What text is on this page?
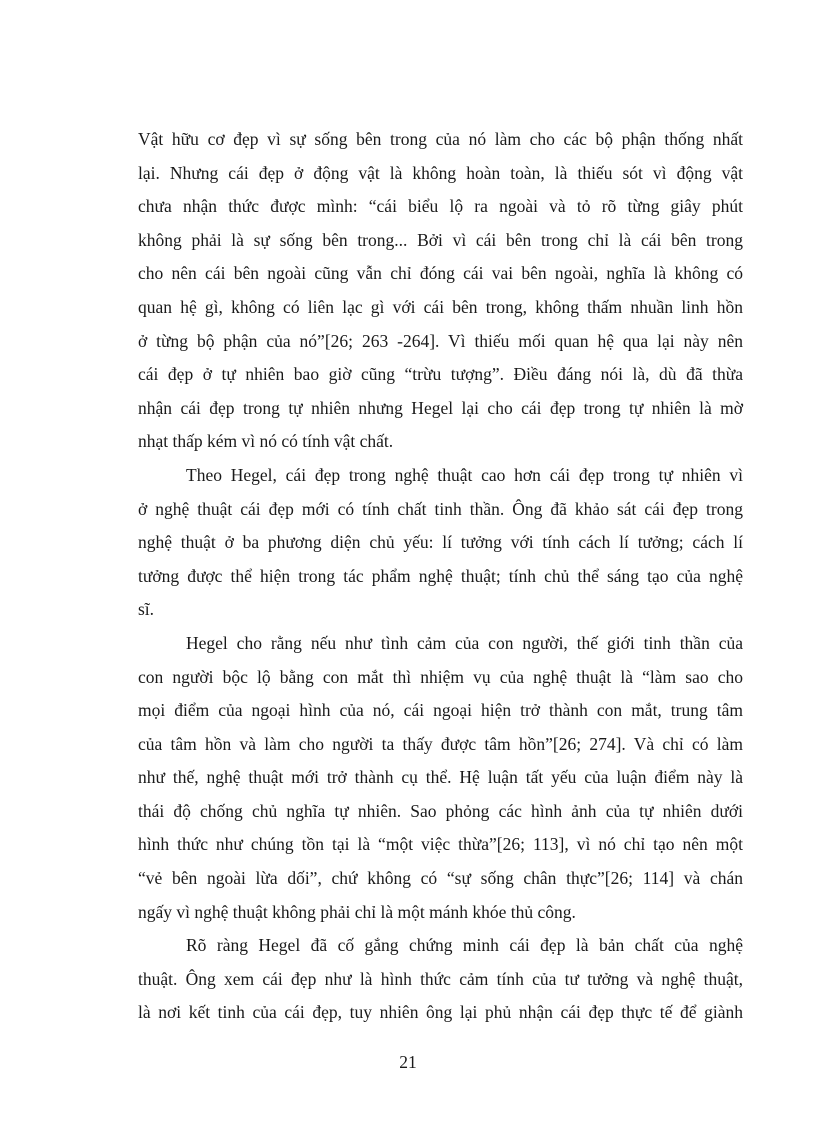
Vật hữu cơ đẹp vì sự sống bên trong của nó làm cho các bộ phận thống nhất
lại. Nhưng cái đẹp ở động vật là không hoàn toàn, là thiếu sót vì động vật
chưa nhận thức được mình: “cái biểu lộ ra ngoài và tỏ rõ từng giây phút
không phải là sự sống bên trong... Bởi vì cái bên trong chỉ là cái bên trong
cho nên cái bên ngoài cũng vẫn chỉ đóng cái vai bên ngoài, nghĩa là không có
quan hệ gì, không có liên lạc gì với cái bên trong, không thấm nhuần linh hồn
ở từng bộ phận của nó”[26; 263 -264]. Vì thiếu mối quan hệ qua lại này nên
cái đẹp ở tự nhiên bao giờ cũng “trừu tượng”. Điều đáng nói là, dù đã thừa
nhận cái đẹp trong tự nhiên nhưng Hegel lại cho cái đẹp trong tự nhiên là mờ
nhạt thấp kém vì nó có tính vật chất.
Theo Hegel, cái đẹp trong nghệ thuật cao hơn cái đẹp trong tự nhiên vì
ở nghệ thuật cái đẹp mới có tính chất tinh thần. Ông đã khảo sát cái đẹp trong
nghệ thuật ở ba phương diện chủ yếu: lí tưởng với tính cách lí tưởng; cách lí
tưởng được thể hiện trong tác phẩm nghệ thuật; tính chủ thể sáng tạo của nghệ
sĩ.
Hegel cho rằng nếu như tình cảm của con người, thế giới tinh thần của
con người bộc lộ bằng con mắt thì nhiệm vụ của nghệ thuật là “làm sao cho
mọi điểm của ngoại hình của nó, cái ngoại hiện trở thành con mắt, trung tâm
của tâm hồn và làm cho người ta thấy được tâm hồn”[26; 274]. Và chỉ có làm
như thế, nghệ thuật mới trở thành cụ thể. Hệ luận tất yếu của luận điểm này là
thái độ chống chủ nghĩa tự nhiên. Sao phỏng các hình ảnh của tự nhiên dưới
hình thức như chúng tồn tại là “một việc thừa”[26; 113], vì nó chỉ tạo nên một
“vẻ bên ngoài lừa dối”, chứ không có “sự sống chân thực”[26; 114] và chán
ngấy vì nghệ thuật không phải chỉ là một mánh khóe thủ công.
Rõ ràng Hegel đã cố gắng chứng minh cái đẹp là bản chất của nghệ
thuật. Ông xem cái đẹp như là hình thức cảm tính của tư tưởng và nghệ thuật,
là nơi kết tinh của cái đẹp, tuy nhiên ông lại phủ nhận cái đẹp thực tế để giành
21
